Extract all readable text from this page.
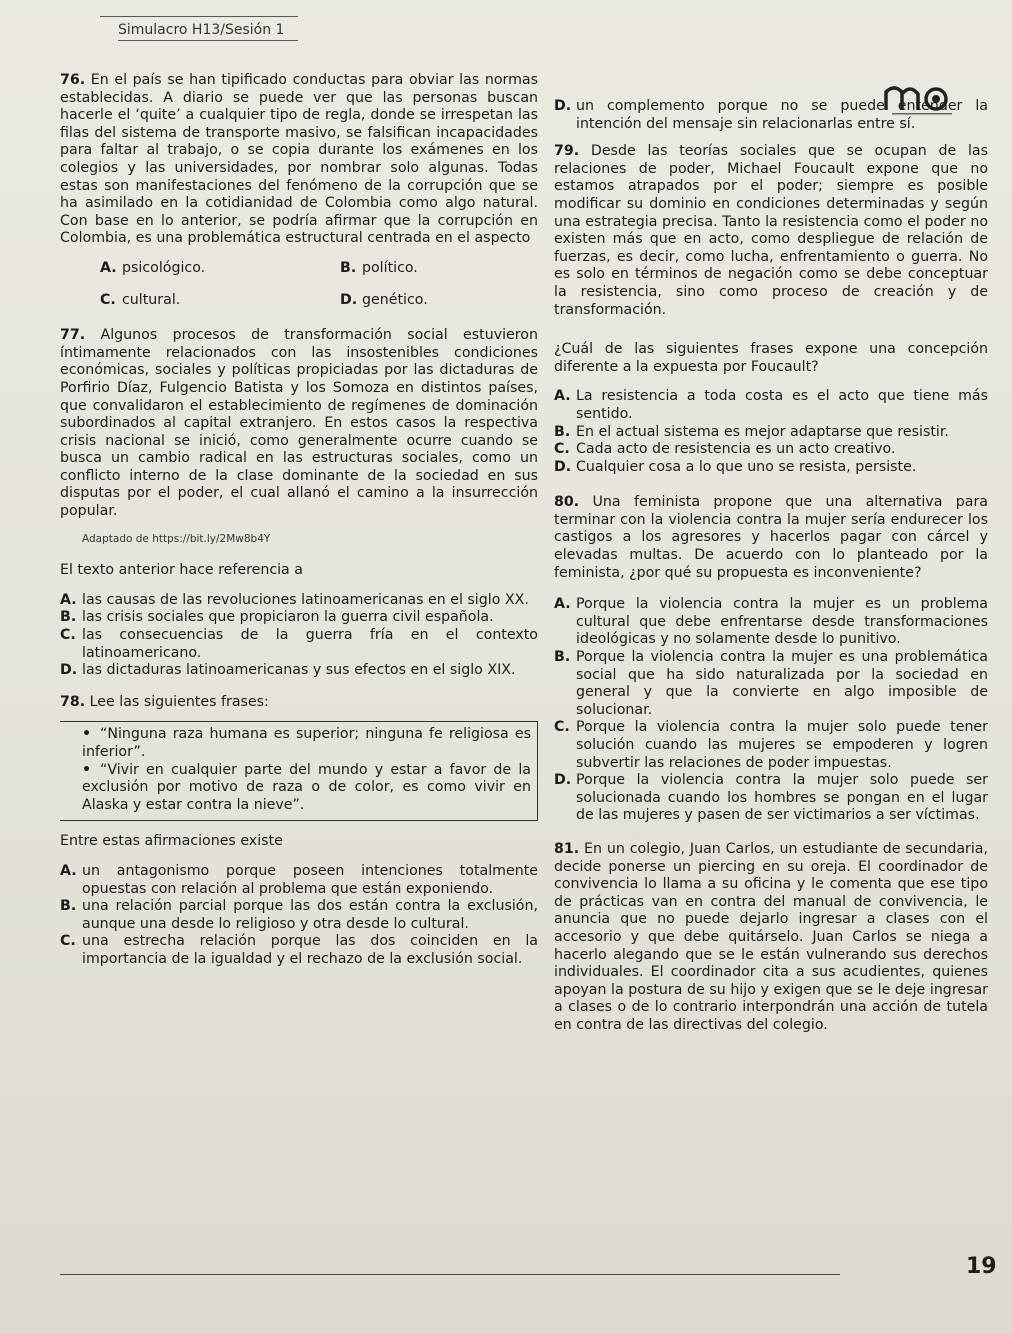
Simulacro H13/Sesión 1

76. En el país se han tipificado conductas para obviar las normas establecidas. A diario se puede ver que las personas buscan hacerle el ‘quite’ a cualquier tipo de regla, donde se irrespetan las filas del sistema de transporte masivo, se falsifican incapacidades para faltar al trabajo, o se copia durante los exámenes en los colegios y las universidades, por nombrar solo algunas. Todas estas son manifestaciones del fenómeno de la corrupción que se ha asimilado en la cotidianidad de Colombia como algo natural. Con base en lo anterior, se podría afirmar que la corrupción en Colombia, es una problemática estructural centrada en el aspecto

A. psicológico.	B. político.
C. cultural.	D. genético.

77. Algunos procesos de transformación social estuvieron íntimamente relacionados con las insostenibles condiciones económicas, sociales y políticas propiciadas por las dictaduras de Porfirio Díaz, Fulgencio Batista y los Somoza en distintos países, que convalidaron el establecimiento de regímenes de dominación subordinados al capital extranjero. En estos casos la respectiva crisis nacional se inició, como generalmente ocurre cuando se busca un cambio radical en las estructuras sociales, como un conflicto interno de la clase dominante de la sociedad en sus disputas por el poder, el cual allanó el camino a la insurrección popular.

Adaptado de https://bit.ly/2Mw8b4Y

El texto anterior hace referencia a

A. las causas de las revoluciones latinoamericanas en el siglo XX.

B. las crisis sociales que propiciaron la guerra civil española.

C. las consecuencias de la guerra fría en el contexto latinoamericano.

D. las dictaduras latinoamericanas y sus efectos en el siglo XIX.

78. Lee las siguientes frases:

• “Ninguna raza humana es superior; ninguna fe religiosa es inferior”.

• “Vivir en cualquier parte del mundo y estar a favor de la exclusión por motivo de raza o de color, es como vivir en Alaska y estar contra la nieve”.

Entre estas afirmaciones existe

A. un antagonismo porque poseen intenciones totalmente opuestas con relación al problema que están exponiendo.

B. una relación parcial porque las dos están contra la exclusión, aunque una desde lo religioso y otra desde lo cultural.

C. una estrecha relación porque las dos coinciden en la importancia de la igualdad y el rechazo de la exclusión social.

D. un complemento porque no se puede entender la intención del mensaje sin relacionarlas entre sí.

79. Desde las teorías sociales que se ocupan de las relaciones de poder, Michael Foucault expone que no estamos atrapados por el poder; siempre es posible modificar su dominio en condiciones determinadas y según una estrategia precisa. Tanto la resistencia como el poder no existen más que en acto, como despliegue de relación de fuerzas, es decir, como lucha, enfrentamiento o guerra. No es solo en términos de negación como se debe conceptuar la resistencia, sino como proceso de creación y de transformación.

¿Cuál de las siguientes frases expone una concepción diferente a la expuesta por Foucault?

A. La resistencia a toda costa es el acto que tiene más sentido.

B. En el actual sistema es mejor adaptarse que resistir.

C. Cada acto de resistencia es un acto creativo.

D. Cualquier cosa a lo que uno se resista, persiste.

80. Una feminista propone que una alternativa para terminar con la violencia contra la mujer sería endurecer los castigos a los agresores y hacerlos pagar con cárcel y elevadas multas. De acuerdo con lo planteado por la feminista, ¿por qué su propuesta es inconveniente?

A. Porque la violencia contra la mujer es un problema cultural que debe enfrentarse desde transformaciones ideológicas y no solamente desde lo punitivo.

B. Porque la violencia contra la mujer es una problemática social que ha sido naturalizada por la sociedad en general y que la convierte en algo imposible de solucionar.

C. Porque la violencia contra la mujer solo puede tener solución cuando las mujeres se empoderen y logren subvertir las relaciones de poder impuestas.

D. Porque la violencia contra la mujer solo puede ser solucionada cuando los hombres se pongan en el lugar de las mujeres y pasen de ser victimarios a ser víctimas.

81. En un colegio, Juan Carlos, un estudiante de secundaria, decide ponerse un piercing en su oreja. El coordinador de convivencia lo llama a su oficina y le comenta que ese tipo de prácticas van en contra del manual de convivencia, le anuncia que no puede dejarlo ingresar a clases con el accesorio y que debe quitárselo. Juan Carlos se niega a hacerlo alegando que se le están vulnerando sus derechos individuales. El coordinador cita a sus acudientes, quienes apoyan la postura de su hijo y exigen que se le deje ingresar a clases o de lo contrario interpondrán una acción de tutela en contra de las directivas del colegio.

19
